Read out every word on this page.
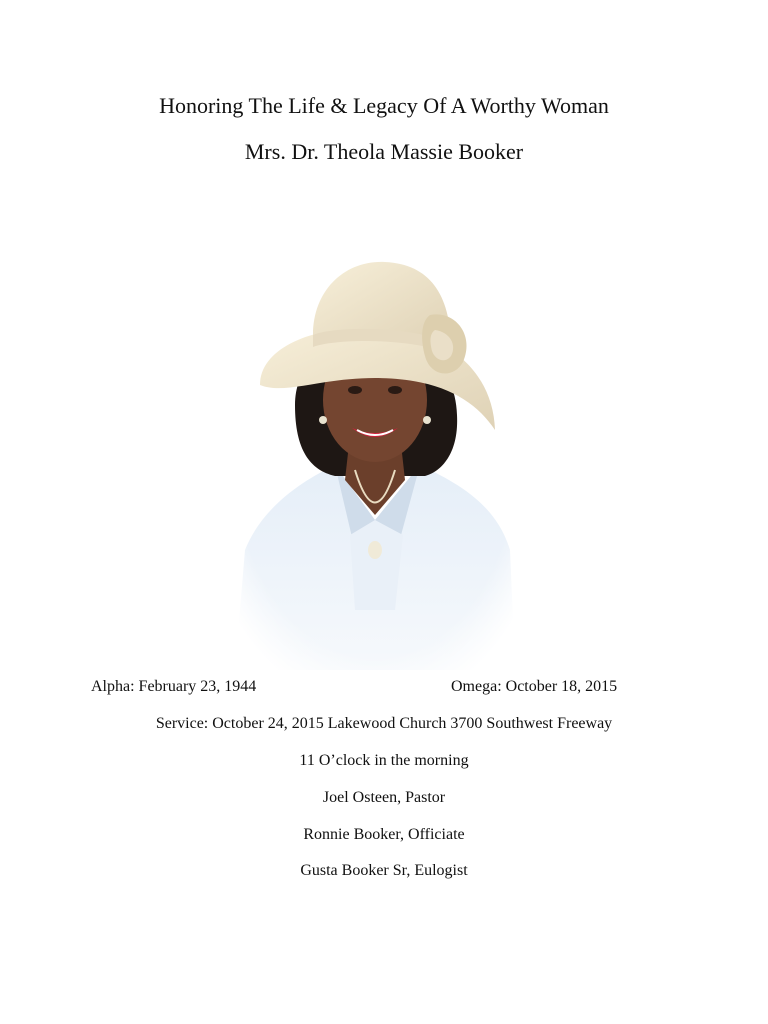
Honoring The Life & Legacy Of A Worthy Woman
Mrs. Dr. Theola Massie Booker
Alpha: February 23, 1944	Omega: October 18, 2015
Service: October 24, 2015 Lakewood Church 3700 Southwest Freeway
11 O’clock in the morning
Joel Osteen, Pastor
Ronnie Booker, Officiate
Gusta Booker Sr, Eulogist
